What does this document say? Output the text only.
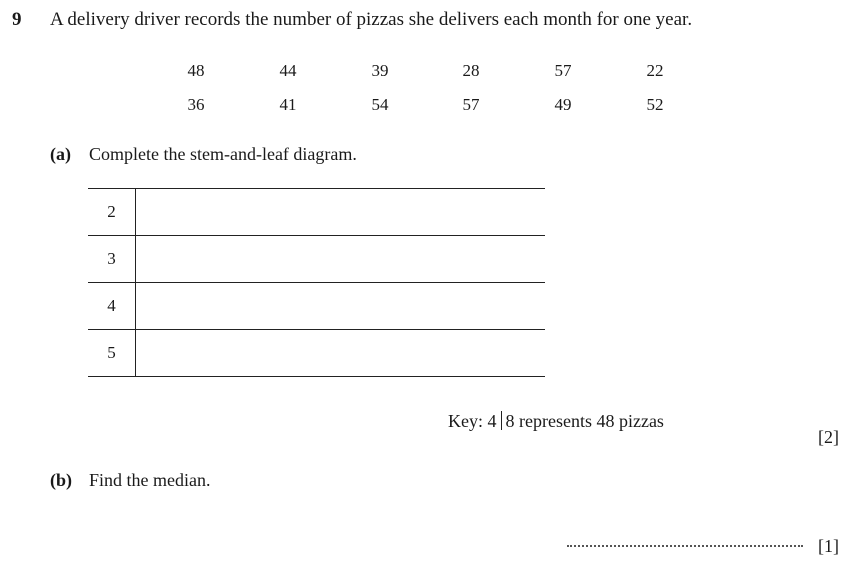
9 A delivery driver records the number of pizzas she delivers each month for one year.
48	44	39	28	57	22
36	41	54	57	49	52
(a) Complete the stem-and-leaf diagram.
2	
3	
4	
5	
Key: 4 8 represents 48 pizzas
[2]
(b) Find the median.
[1]
